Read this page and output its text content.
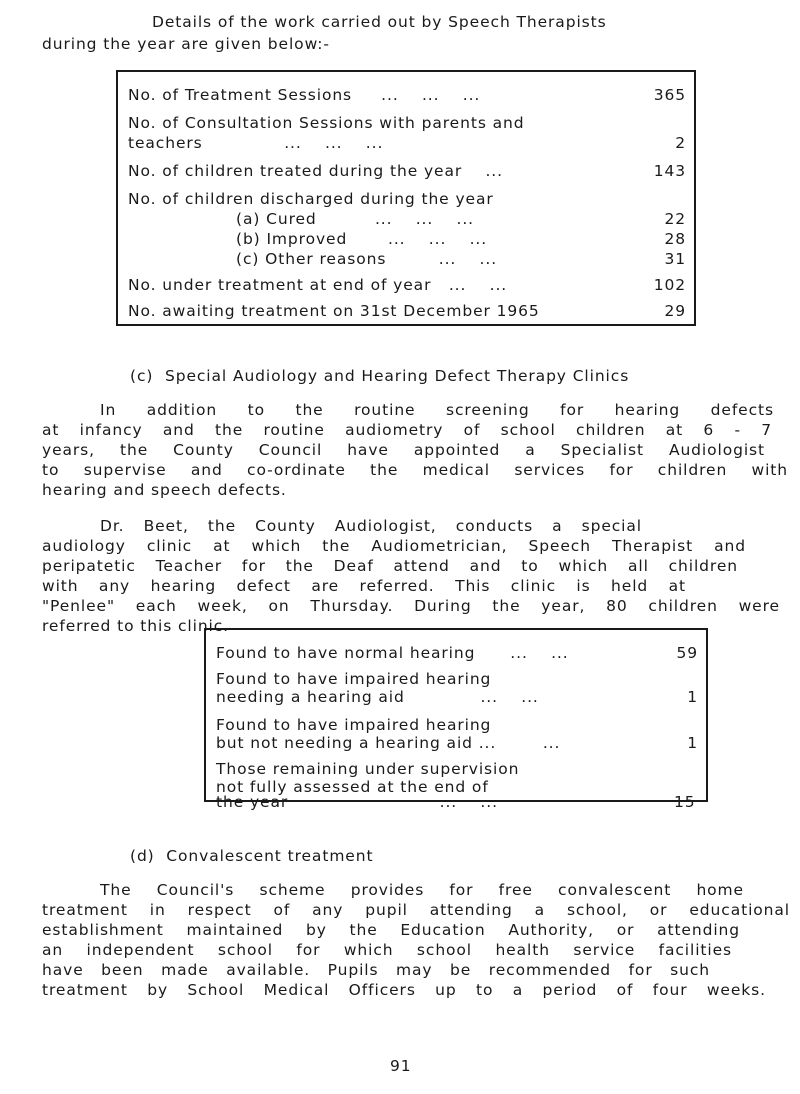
Details of the work carried out by Speech Therapists
during the year are given below:-
No. of Treatment Sessions     ...    ...    ...	365
No. of Consultation Sessions with parents and
teachers              ...    ...    ...	2
No. of children treated during the year    ...	143
No. of children discharged during the year
(a) Cured          ...    ...    ...	22
(b) Improved       ...    ...    ...	28
(c) Other reasons         ...    ...	31
No. under treatment at end of year   ...    ...	102
No. awaiting treatment on 31st December 1965	29
(c)  Special Audiology and Hearing Defect Therapy Clinics
In addition to the routine screening for hearing defects
at infancy and the routine audiometry of school children at 6 - 7
years, the County Council have appointed a Specialist Audiologist
to supervise and co-ordinate the medical services for children with
hearing and speech defects.
Dr. Beet, the County Audiologist, conducts a special
audiology clinic at which the Audiometrician, Speech Therapist and
peripatetic Teacher for the Deaf attend and to which all children
with any hearing defect are referred. This clinic is held at
"Penlee" each week, on Thursday. During the year, 80 children were
referred to this clinic.
Found to have normal hearing      ...    ...	59
Found to have impaired hearing
needing a hearing aid             ...    ...	1
Found to have impaired hearing
but not needing a hearing aid ...        ...	1
Those remaining under supervision
not fully assessed at the end of
the year                          ...    ...	15
(d)  Convalescent treatment
The Council's scheme provides for free convalescent home
treatment in respect of any pupil attending a school, or educational
establishment maintained by the Education Authority, or attending
an independent school for which school health service facilities
have been made available. Pupils may be recommended for such
treatment by School Medical Officers up to a period of four weeks.
91
